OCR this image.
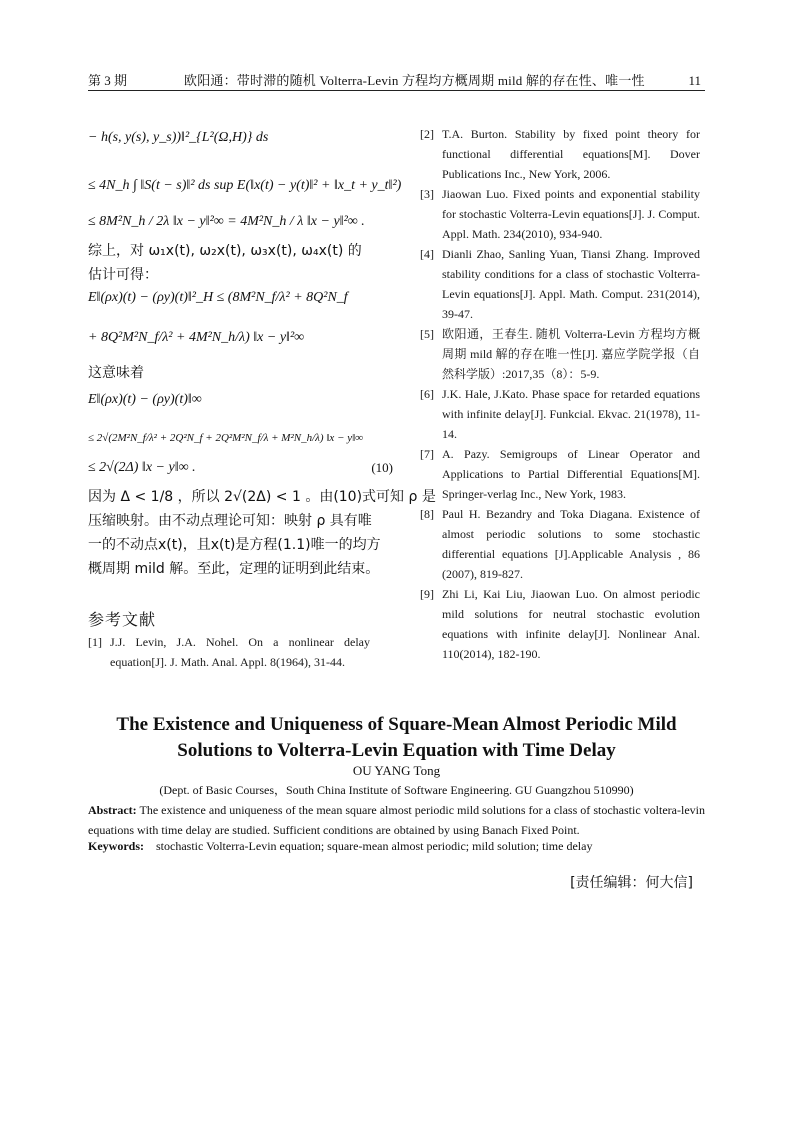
第 3 期	欧阳通：带时滞的随机 Volterra-Levin 方程均方概周期 mild 解的存在性、唯一性	11
− h(s, y(s), y_s))‖²_{L²(Ω,H)} ds
≤ 4N_h ∫ ‖S(t − s)‖² ds sup E(‖x(t) − y(t)‖² + ‖x_t + y_t‖²)
≤ 8M²N_h / 2λ ‖x − y‖²∞ = 4M²N_h / λ ‖x − y‖²∞ .
综上，对 ω₁x(t), ω₂x(t), ω₃x(t), ω₄x(t) 的
估计可得：
E‖(ρx)(t) − (ρy)(t)‖²_H ≤ (8M²N_f/λ² + 8Q²N_f
+ 8Q²M²N_f/λ² + 4M²N_h/λ) ‖x − y‖²∞
这意味着
E‖(ρx)(t) − (ρy)(t)‖∞
≤ 2√(2M²N_f/λ² + 2Q²N_f + 2Q²M²N_f/λ + M²N_h/λ) ‖x − y‖∞
≤ 2√(2Δ) ‖x − y‖∞ .	(10)
因为 Δ < 1/8 ，所以 2√(2Δ) < 1 。由(10)式可知 ρ 是
压缩映射。由不动点理论可知：映射 ρ 具有唯
一的不动点x(t)，且x(t)是方程(1.1)唯一的均方
概周期 mild 解。至此，定理的证明到此结束。
参考文献
[1] J.J. Levin, J.A. Nohel. On a nonlinear delay equation[J]. J. Math. Anal. Appl. 8(1964), 31-44.
[2] T.A. Burton. Stability by fixed point theory for functional differential equations[M]. Dover Publications Inc., New York, 2006.
[3] Jiaowan Luo. Fixed points and exponential stability for stochastic Volterra-Levin equations[J]. J. Comput. Appl. Math. 234(2010), 934-940.
[4] Dianli Zhao, Sanling Yuan, Tiansi Zhang. Improved stability conditions for a class of stochastic Volterra-Levin equations[J]. Appl. Math. Comput. 231(2014), 39-47.
[5] 欧阳通，王春生. 随机 Volterra-Levin 方程均方概周期 mild 解的存在唯一性[J]. 嘉应学院学报（自然科学版）:2017,35（8）：5-9.
[6] J.K. Hale, J.Kato. Phase space for retarded equations with infinite delay[J]. Funkcial. Ekvac. 21(1978), 11-14.
[7] A. Pazy. Semigroups of Linear Operator and Applications to Partial Differential Equations[M]. Springer-verlag Inc., New York, 1983.
[8] Paul H. Bezandry and Toka Diagana. Existence of almost periodic solutions to some stochastic differential equations [J].Applicable Analysis , 86 (2007), 819-827.
[9] Zhi Li, Kai Liu, Jiaowan Luo. On almost periodic mild solutions for neutral stochastic evolution equations with infinite delay[J]. Nonlinear Anal. 110(2014), 182-190.
The Existence and Uniqueness of Square-Mean Almost Periodic Mild
Solutions to Volterra-Levin Equation with Time Delay
OU YANG Tong
(Dept. of Basic Courses，South China Institute of Software Engineering. GU Guangzhou 510990)
Abstract: The existence and uniqueness of the mean square almost periodic mild solutions for a class of stochastic voltera-levin equations with time delay are studied. Sufficient conditions are obtained by using Banach Fixed Point.
Keywords: stochastic Volterra-Levin equation; square-mean almost periodic; mild solution; time delay
[责任编辑：何大信]
